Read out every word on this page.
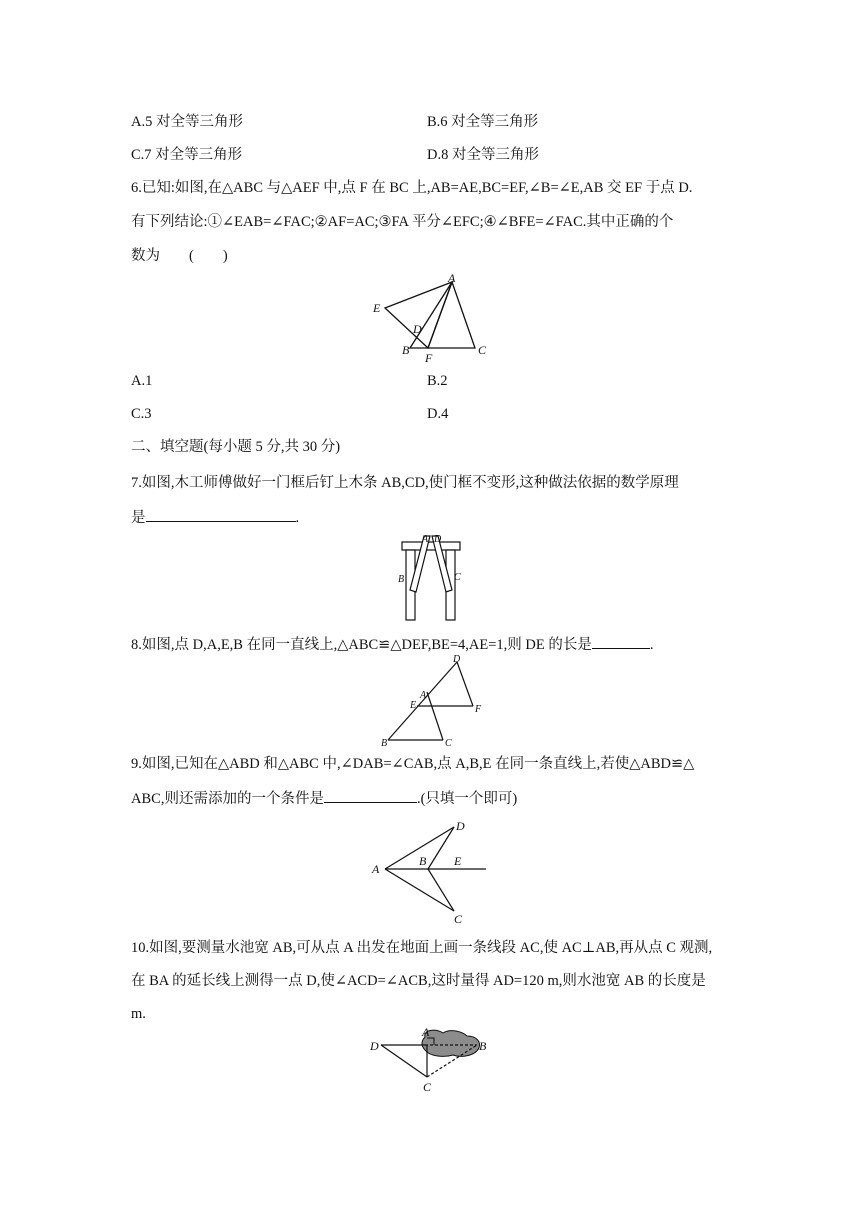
A.5 对全等三角形	B.6 对全等三角形
C.7 对全等三角形	D.8 对全等三角形
6.已知:如图,在△ABC 与△AEF 中,点 F 在 BC 上,AB=AE,BC=EF,∠B=∠E,AB 交 EF 于点 D.
有下列结论:①∠EAB=∠FAC;②AF=AC;③FA 平分∠EFC;④∠BFE=∠FAC.其中正确的个
数为　　(　　)
A
E
D
B
F
C
A.1	B.2
C.3	D.4
二、填空题(每小题 5 分,共 30 分)
7.如图,木工师傅做好一门框后钉上木条 AB,CD,使门框不变形,这种做法依据的数学原理
是	.
A D
B	C
8.如图,点 D,A,E,B 在同一直线上,△ABC≌△DEF,BE=4,AE=1,则 DE 的长是	.
D
A
E	F
B	C
9.如图,已知在△ABD 和△ABC 中,∠DAB=∠CAB,点 A,B,E 在同一条直线上,若使△ABD≌△
ABC,则还需添加的一个条件是	.(只填一个即可)
D
A
B E
C
10.如图,要测量水池宽 AB,可从点 A 出发在地面上画一条线段 AC,使 AC⊥AB,再从点 C 观测,
在 BA 的延长线上测得一点 D,使∠ACD=∠ACB,这时量得 AD=120 m,则水池宽 AB 的长度是
m.
D
A
B
C
